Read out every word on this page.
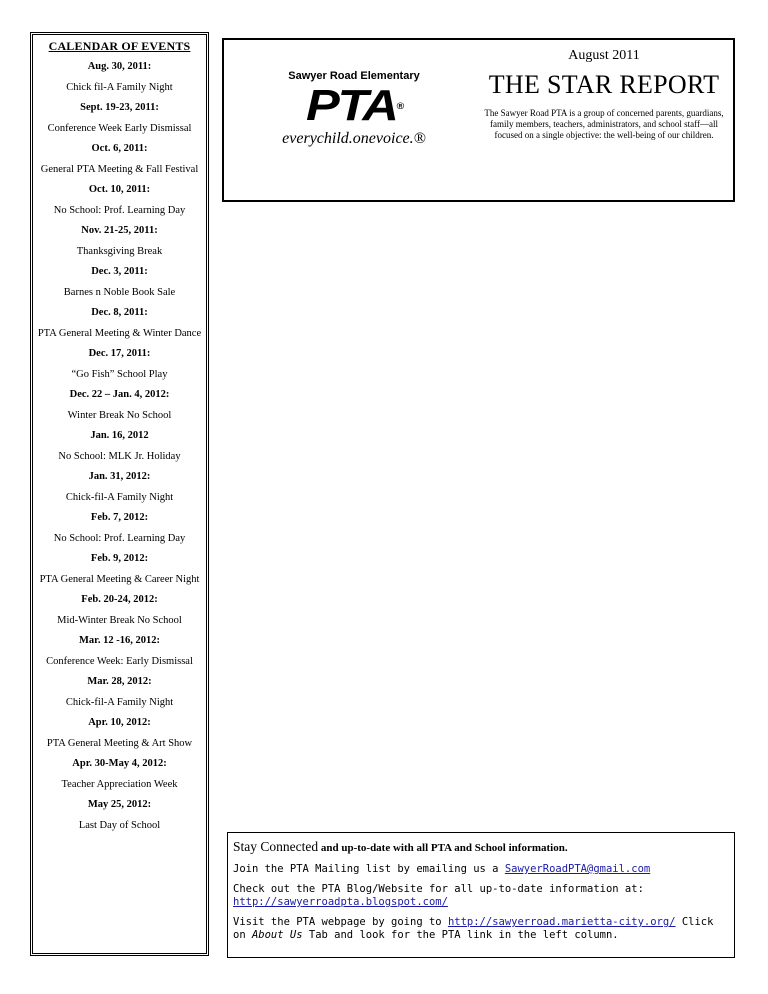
CALENDAR OF EVENTS
Aug. 30, 2011:
Chick fil-A Family Night
Sept. 19-23, 2011:
Conference Week Early Dismissal
Oct. 6, 2011:
General PTA Meeting & Fall Festival
Oct. 10, 2011:
No School: Prof. Learning Day
Nov. 21-25, 2011:
Thanksgiving Break
Dec. 3, 2011:
Barnes n Noble Book Sale
Dec. 8, 2011:
PTA General Meeting & Winter Dance
Dec. 17, 2011:
“Go Fish” School Play
Dec. 22 – Jan. 4, 2012:
Winter Break No School
Jan. 16, 2012
No School: MLK Jr. Holiday
Jan. 31, 2012:
Chick-fil-A Family Night
Feb. 7, 2012:
No School: Prof. Learning Day
Feb. 9, 2012:
PTA General Meeting & Career Night
Feb. 20-24, 2012:
Mid-Winter Break No School
Mar. 12 -16, 2012:
Conference Week: Early Dismissal
Mar. 28, 2012:
Chick-fil-A Family Night
Apr. 10, 2012:
PTA General Meeting & Art Show
Apr. 30-May 4, 2012:
Teacher Appreciation Week
May 25, 2012:
Last Day of School
Sawyer Road Elementary
PTA®
everychild.onevoice.®
August 2011
THE STAR REPORT
The Sawyer Road PTA is a group of concerned parents, guardians, family members, teachers, administrators, and school staff—all focused on a single objective: the well-being of our children.
Stay Connected and up-to-date with all PTA and School information.

Join the PTA Mailing list by emailing us a SawyerRoadPTA@gmail.com

Check out the PTA Blog/Website for all up-to-date information at:
http://sawyerroadpta.blogspot.com/

Visit the PTA webpage by going to http://sawyerroad.marietta-city.org/ Click on About Us Tab and look for the PTA link in the left column.
